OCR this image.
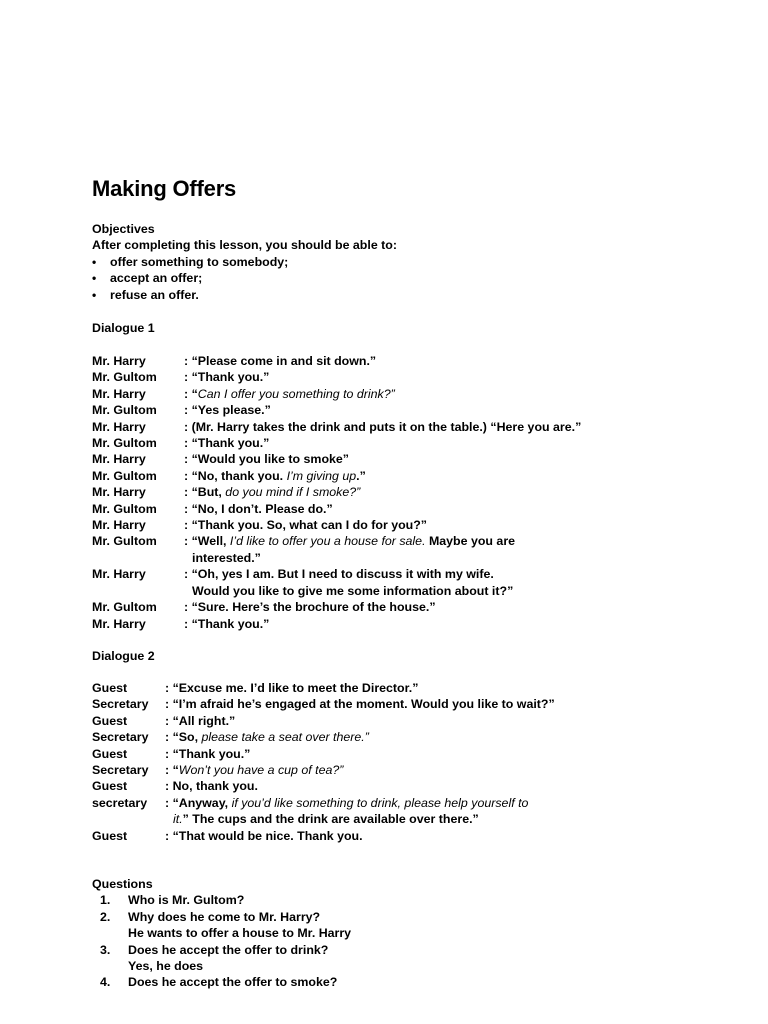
Making Offers
Objectives
After completing this lesson, you should be able to:
•	offer something to somebody;
•	accept an offer;
•	refuse an offer.
Dialogue 1
Mr. Harry	: “Please come in and sit down.”
Mr. Gultom	: “Thank you.”
Mr. Harry	: “Can I offer you something to drink?”
Mr. Gultom	: “Yes please.”
Mr. Harry	: (Mr. Harry takes the drink and puts it on the table.) “Here you are.”
Mr. Gultom	: “Thank you.”
Mr. Harry	: “Would you like to smoke”
Mr. Gultom	: “No, thank you. I’m giving up.”
Mr. Harry	: “But, do you mind if I smoke?”
Mr. Gultom	: “No, I don’t. Please do.”
Mr. Harry	: “Thank you. So, what can I do for you?”
Mr. Gultom	: “Well, I’d like to offer you a house for sale. Maybe you are
interested.”
Mr. Harry	: “Oh, yes I am. But I need to discuss it with my wife.
Would you like to give me some information about it?”
Mr. Gultom	: “Sure. Here’s the brochure of the house.”
Mr. Harry	: “Thank you.”
Dialogue 2
Guest	: “Excuse me. I’d like to meet the Director.”
Secretary	: “I’m afraid he’s engaged at the moment. Would you like to wait?”
Guest	: “All right.”
Secretary	: “So, please take a seat over there.”
Guest	: “Thank you.”
Secretary	: “Won’t you have a cup of tea?”
Guest	: No, thank you.
secretary	: “Anyway, if you’d like something to drink, please help yourself to
it.” The cups and the drink are available over there.”
Guest	: “That would be nice. Thank you.
Questions
1.	Who is Mr. Gultom?
2.	Why does he come to Mr. Harry?
He wants to offer a house to Mr. Harry
3.	Does he accept the offer to drink?
Yes, he does
4.	Does he accept the offer to smoke?
